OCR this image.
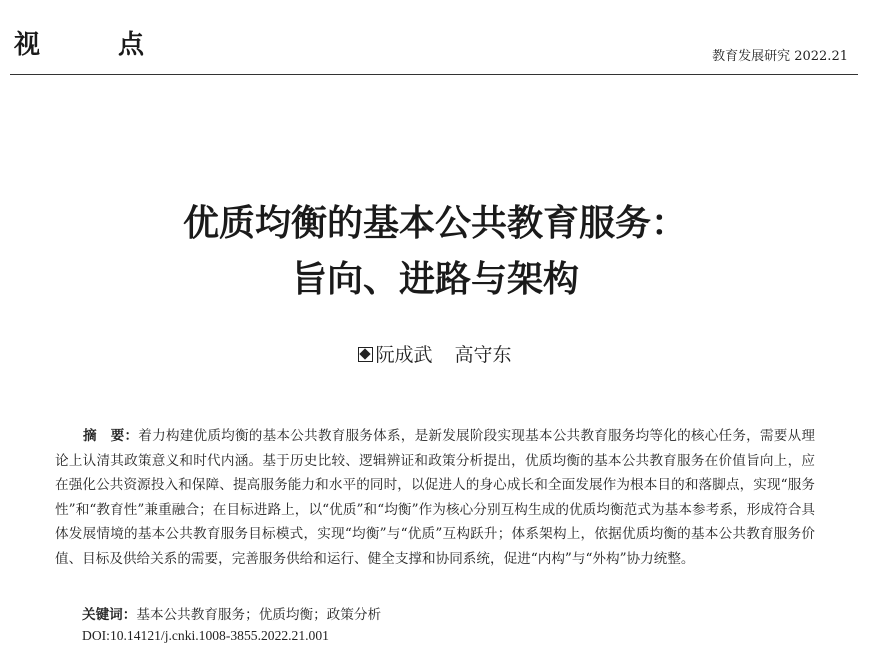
视点	教育发展研究 2022.21
优质均衡的基本公共教育服务：
旨向、进路与架构
阮成武 高守东
摘　要：着力构建优质均衡的基本公共教育服务体系，是新发展阶段实现基本公共教育服务均等化的核心任务，需要从理论上认清其政策意义和时代内涵。基于历史比较、逻辑辨证和政策分析提出，优质均衡的基本公共教育服务在价值旨向上，应在强化公共资源投入和保障、提高服务能力和水平的同时，以促进人的身心成长和全面发展作为根本目的和落脚点，实现“服务性”和“教育性”兼重融合；在目标进路上，以“优质”和“均衡”作为核心分别互构生成的优质均衡范式为基本参考系，形成符合具体发展情境的基本公共教育服务目标模式，实现“均衡”与“优质”互构跃升；体系架构上，依据优质均衡的基本公共教育服务价值、目标及供给关系的需要，完善服务供给和运行、健全支撑和协同系统，促进“内构”与“外构”协力统整。
关键词：基本公共教育服务；优质均衡；政策分析
DOI:10.14121/j.cnki.1008-3855.2022.21.001
